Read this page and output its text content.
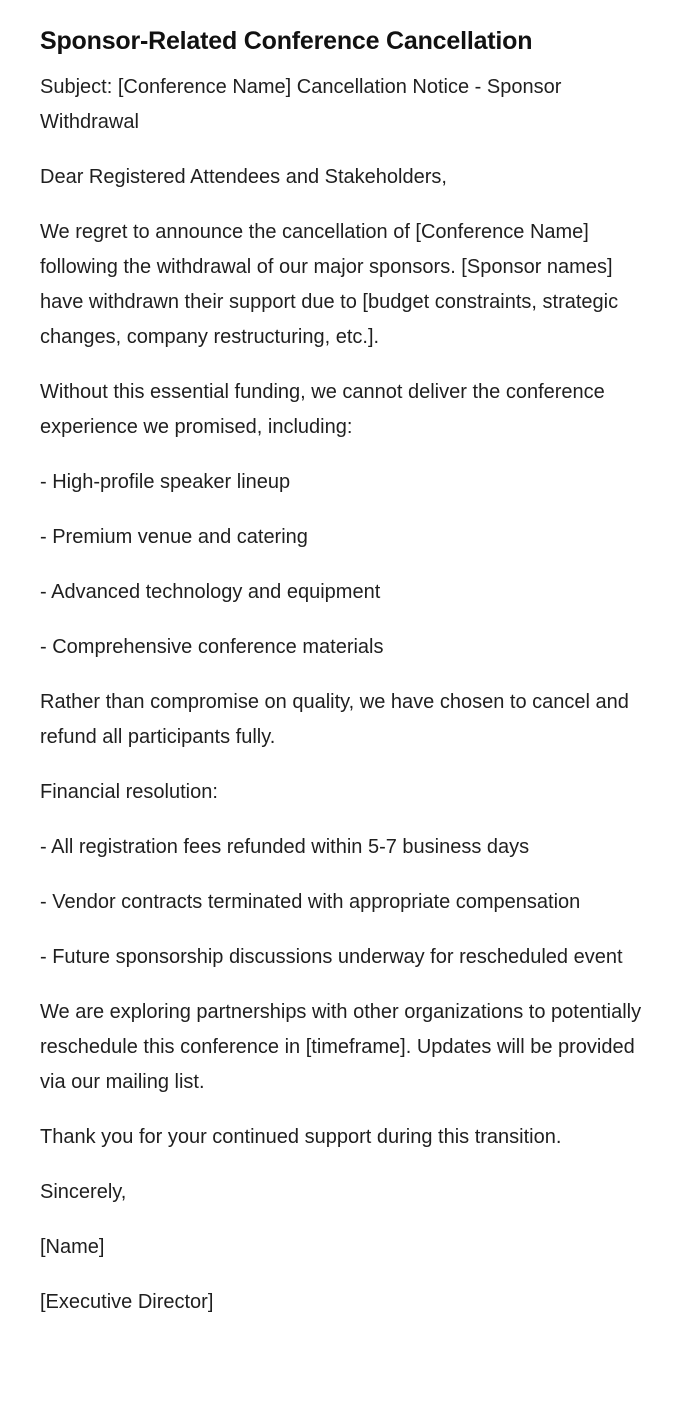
Sponsor-Related Conference Cancellation

Subject: [Conference Name] Cancellation Notice - Sponsor Withdrawal

Dear Registered Attendees and Stakeholders,

We regret to announce the cancellation of [Conference Name] following the withdrawal of our major sponsors. [Sponsor names] have withdrawn their support due to [budget constraints, strategic changes, company restructuring, etc.].

Without this essential funding, we cannot deliver the conference experience we promised, including:

- High-profile speaker lineup

- Premium venue and catering

- Advanced technology and equipment

- Comprehensive conference materials

Rather than compromise on quality, we have chosen to cancel and refund all participants fully.

Financial resolution:

- All registration fees refunded within 5-7 business days

- Vendor contracts terminated with appropriate compensation

- Future sponsorship discussions underway for rescheduled event

We are exploring partnerships with other organizations to potentially reschedule this conference in [timeframe]. Updates will be provided via our mailing list.

Thank you for your continued support during this transition.

Sincerely,

[Name]

[Executive Director]
